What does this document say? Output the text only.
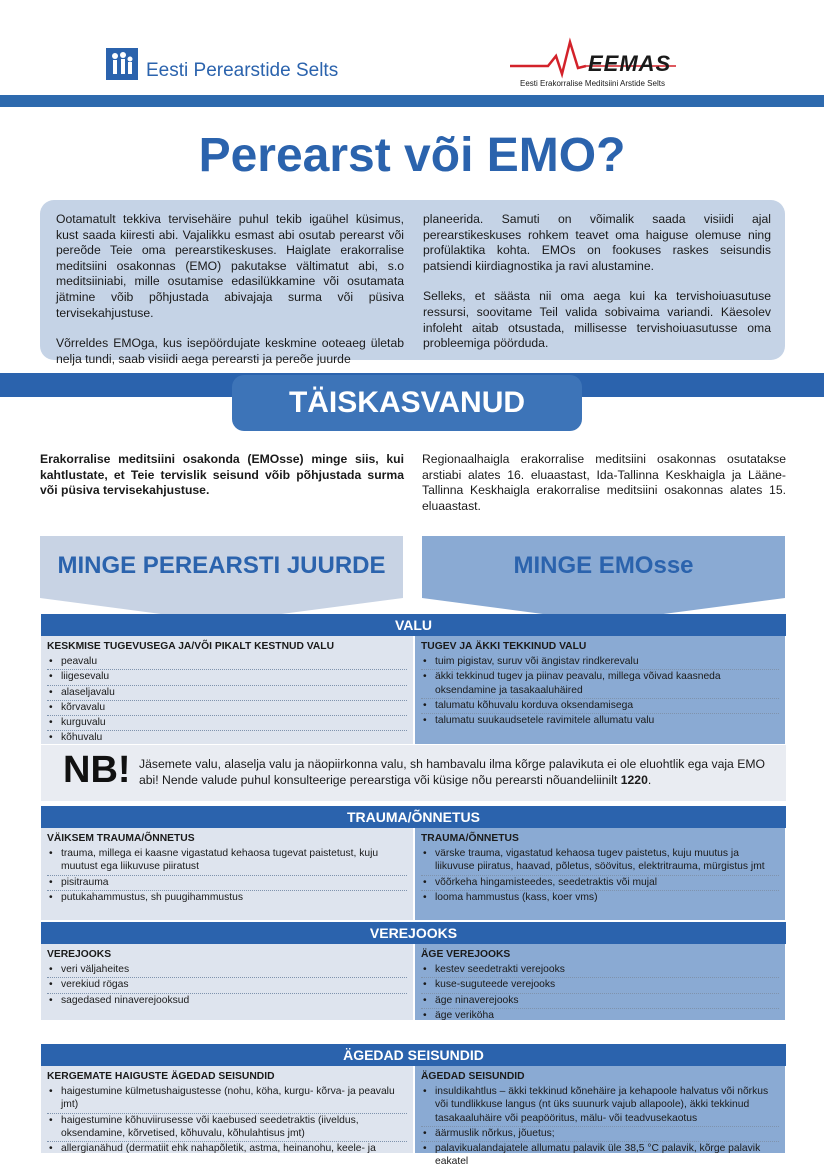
Eesti Perearstide Selts	EEMAS
Eesti Erakorralise Meditsiini Arstide Selts
Perearst või EMO?

Ootamatult tekkiva tervisehäire puhul tekib igaühel küsimus, kust saada kiiresti abi. Vajalikku esmast abi osutab perearst või pereõde Teie oma perearstikeskuses. Haiglate erakorralise meditsiini osakonnas (EMO) pakutakse vältimatut abi, s.o meditsiiniabi, mille osutamise edasilükkamine või osutamata jätmine võib põhjustada abivajaja surma või püsiva tervisekahjustuse.

Võrreldes EMOga, kus isepöördujate keskmine ooteaeg ületab nelja tundi, saab visiidi aega perearsti ja pereõe juurde

planeerida. Samuti on võimalik saada visiidi ajal perearstikeskuses rohkem teavet oma haiguse olemuse ning profülaktika kohta. EMOs on fookuses raskes seisundis patsiendi kiirdiagnostika ja ravi alustamine.

Selleks, et säästa nii oma aega kui ka tervishoiuasutuse ressursi, soovitame Teil valida sobivaima variandi. Käesolev infoleht aitab otsustada, millisesse tervishoiuasutusse oma probleemiga pöörduda.

TÄISKASVANUD
Erakorralise meditsiini osakonda (EMOsse) minge siis, kui kahtlustate, et Teie tervislik seisund võib põhjustada surma või püsiva tervisekahjustuse.
Regionaalhaigla erakorralise meditsiini osakonnas osutatakse arstiabi alates 16. eluaastast, Ida-Tallinna Keskhaigla ja Lääne-Tallinna Keskhaigla erakorralise meditsiini osakonnas alates 15. eluaastast.
MINGE PEREARSTI JUURDE	MINGE EMOsse
VALU
KESKMISE TUGEVUSEGA JA/VÕI PIKALT KESTNUD VALU
• peavalu
• liigesevalu
• alaseljavalu
• kõrvavalu
• kurguvalu
• kõhuvalu
TUGEV JA ÄKKI TEKKINUD VALU
• tuim pigistav, suruv või ängistav rindkerevalu
• äkki tekkinud tugev ja piinav peavalu, millega võivad kaasneda oksendamine ja tasakaaluhäired
• talumatu kõhuvalu korduva oksendamisega
• talumatu suukaudsetele ravimitele allumatu valu
NB! Jäsemete valu, alaselja valu ja näopiirkonna valu, sh hambavalu ilma kõrge palavikuta ei ole eluohtlik ega vaja EMO abi! Nende valude puhul konsulteerige perearstiga või küsige nõu perearsti nõuandeliinilt 1220.
TRAUMA/ÕNNETUS
VÄIKSEM TRAUMA/ÕNNETUS
• trauma, millega ei kaasne vigastatud kehaosa tugevat paistetust, kuju muutust ega liikuvuse piiratust
• pisitrauma
• putukahammustus, sh puugihammustus
TRAUMA/ÕNNETUS
• värske trauma, vigastatud kehaosa tugev paistetus, kuju muutus ja liikuvuse piiratus, haavad, põletus, söövitus, elektritrauma, mürgistus jmt
• võõrkeha hingamisteedes, seedetraktis või mujal
• looma hammustus (kass, koer vms)
VEREJOOKS
VEREJOOKS
• veri väljaheites
• verekiud rögas
• sagedased ninaverejooksud
ÄGE VEREJOOKS
• kestev seedetrakti verejooks
• kuse-suguteede verejooks
• äge ninaverejooks
• äge veriköha
ÄGEDAD SEISUNDID
KERGEMATE HAIGUSTE ÄGEDAD SEISUNDID
• haigestumine külmetushaigustesse (nohu, köha, kurgu- kõrva- ja peavalu jmt)
• haigestumine kõhuviirusesse või kaebused seedetraktis (iiveldus, oksendamine, kõrvetised, kõhuvalu, kõhulahtisus jmt)
• allergianähud (dermatiit ehk nahapõletik, astma, heinanohu, keele- ja
ÄGEDAD SEISUNDID
• insuldikahtlus – äkki tekkinud kõnehäire ja kehapoole halvatus või nõrkus või tundlikkuse langus (nt üks suunurk vajub allapoole), äkki tekkinud tasakaaluhäire või peapööritus, mälu- või teadvusekaotus
• äärmuslik nõrkus, jõuetus;
• palavikualandajatele allumatu palavik üle 38,5 °C palavik, kõrge palavik eakatel
